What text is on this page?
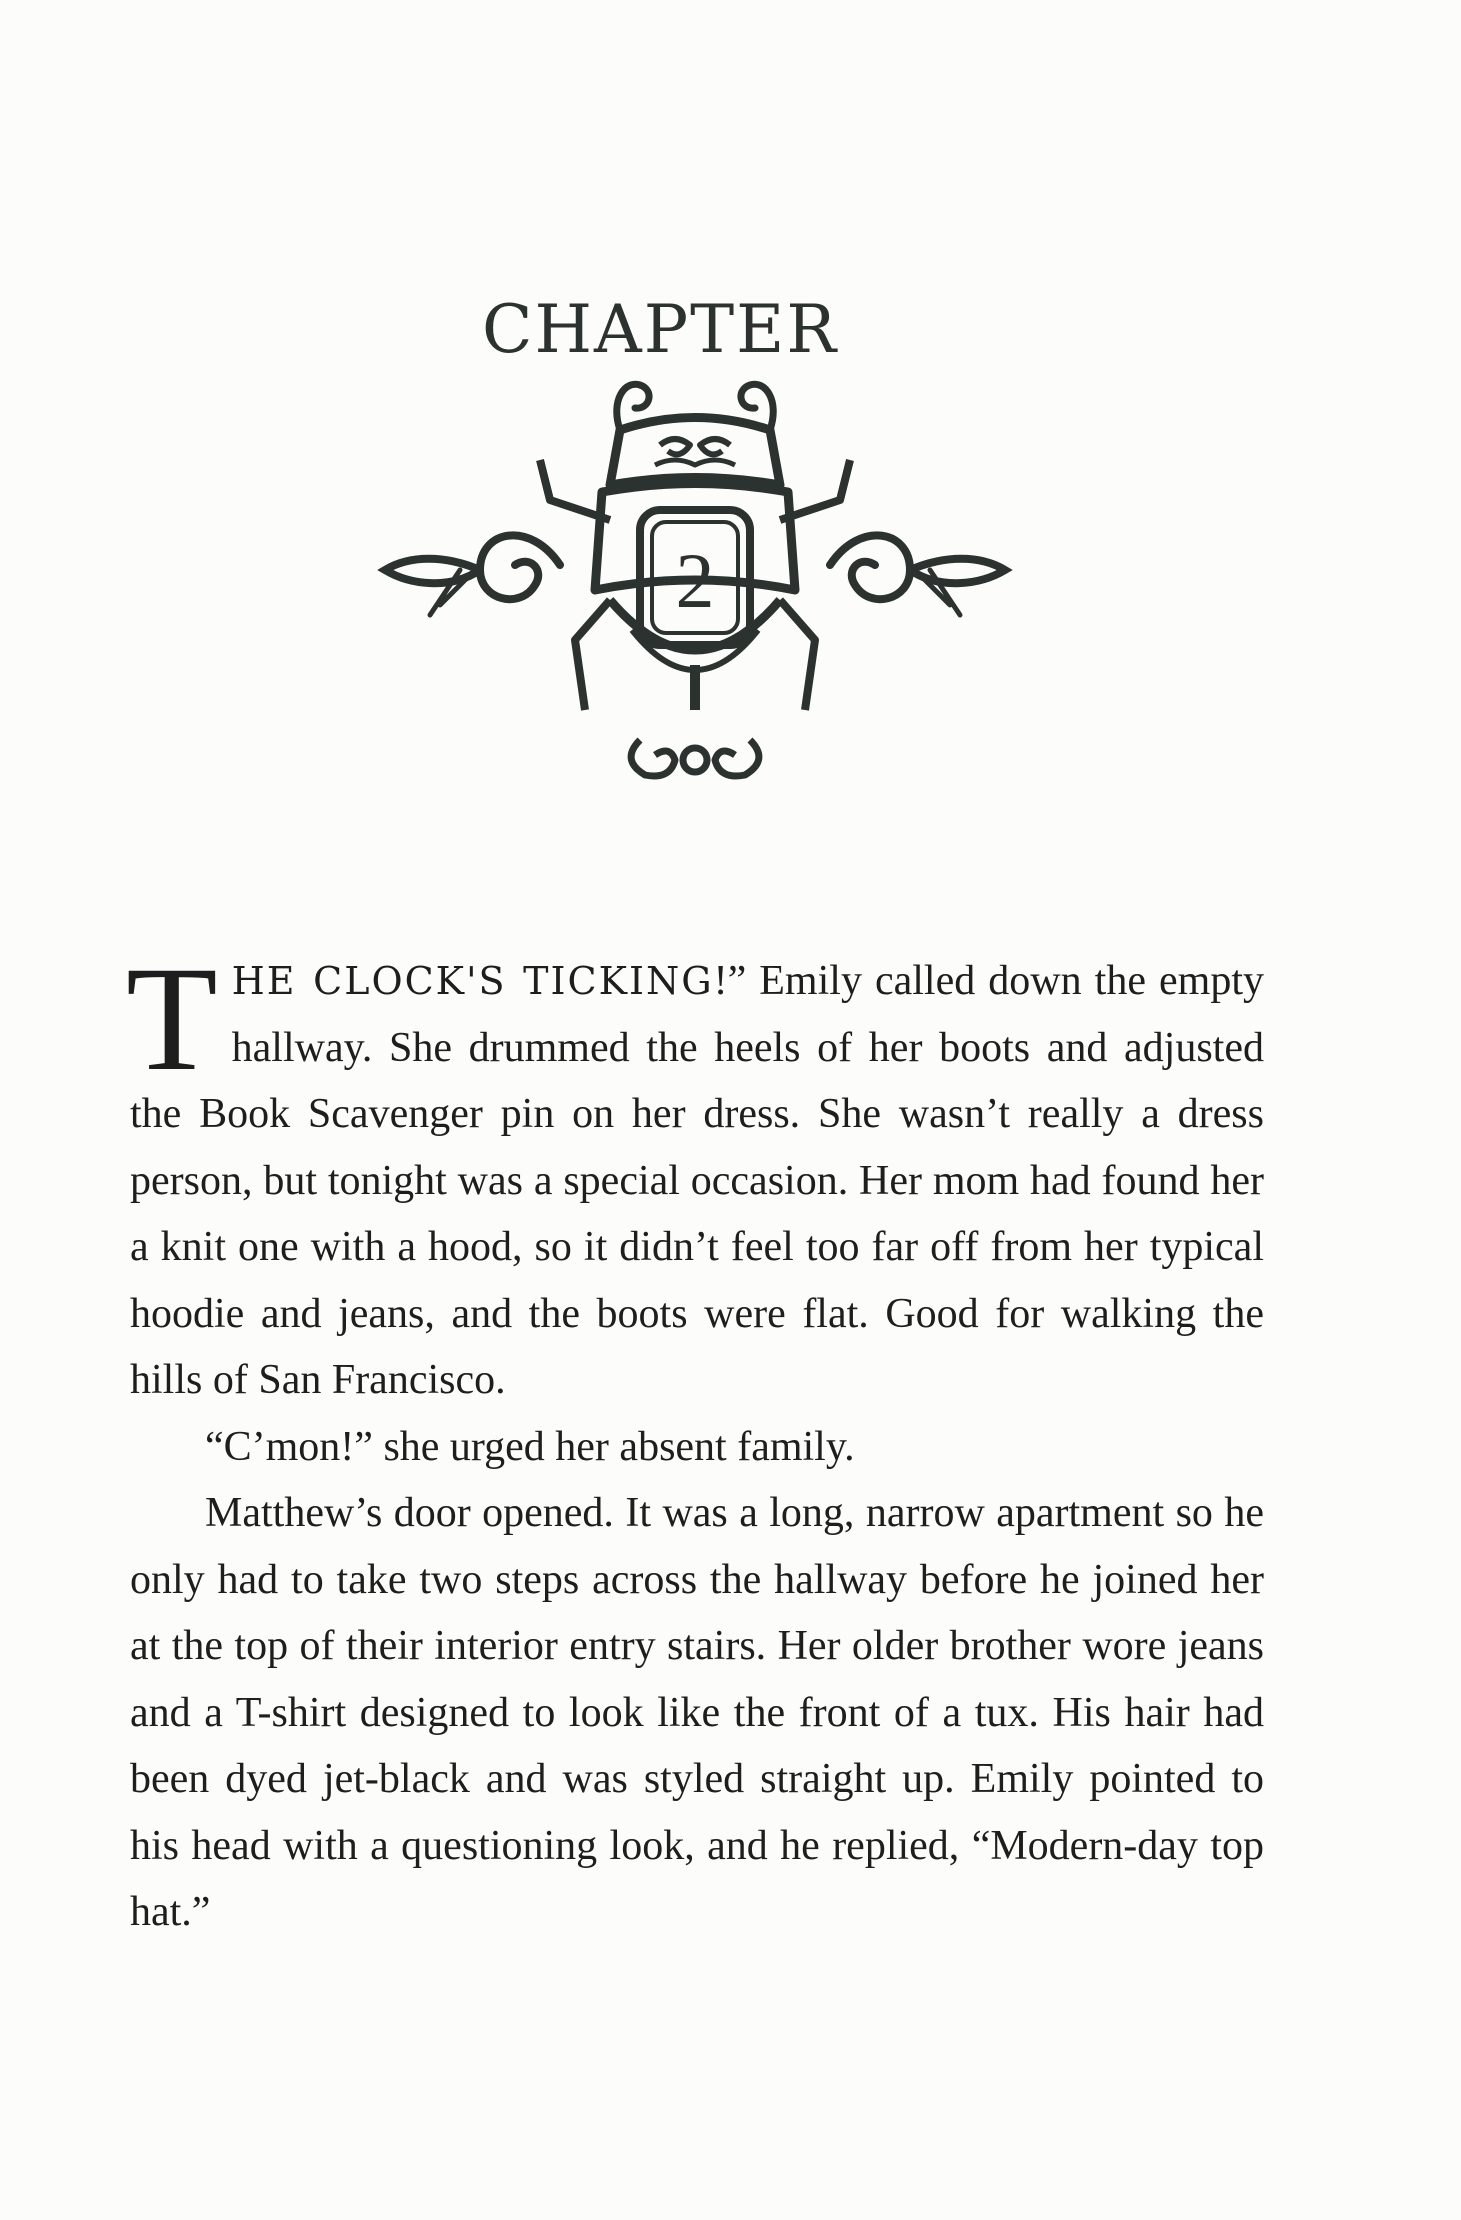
CHAPTER
2

THE CLOCK'S TICKING!” Emily called down the empty hallway. She drummed the heels of her boots and adjusted the Book Scavenger pin on her dress. She wasn’t really a dress person, but tonight was a special occasion. Her mom had found her a knit one with a hood, so it didn’t feel too far off from her typical hoodie and jeans, and the boots were flat. Good for walking the hills of San Francisco.

“C’mon!” she urged her absent family.

Matthew’s door opened. It was a long, narrow apartment so he only had to take two steps across the hallway before he joined her at the top of their interior entry stairs. Her older brother wore jeans and a T-shirt designed to look like the front of a tux. His hair had been dyed jet-black and was styled straight up. Emily pointed to his head with a questioning look, and he replied, “Modern-day top hat.”
